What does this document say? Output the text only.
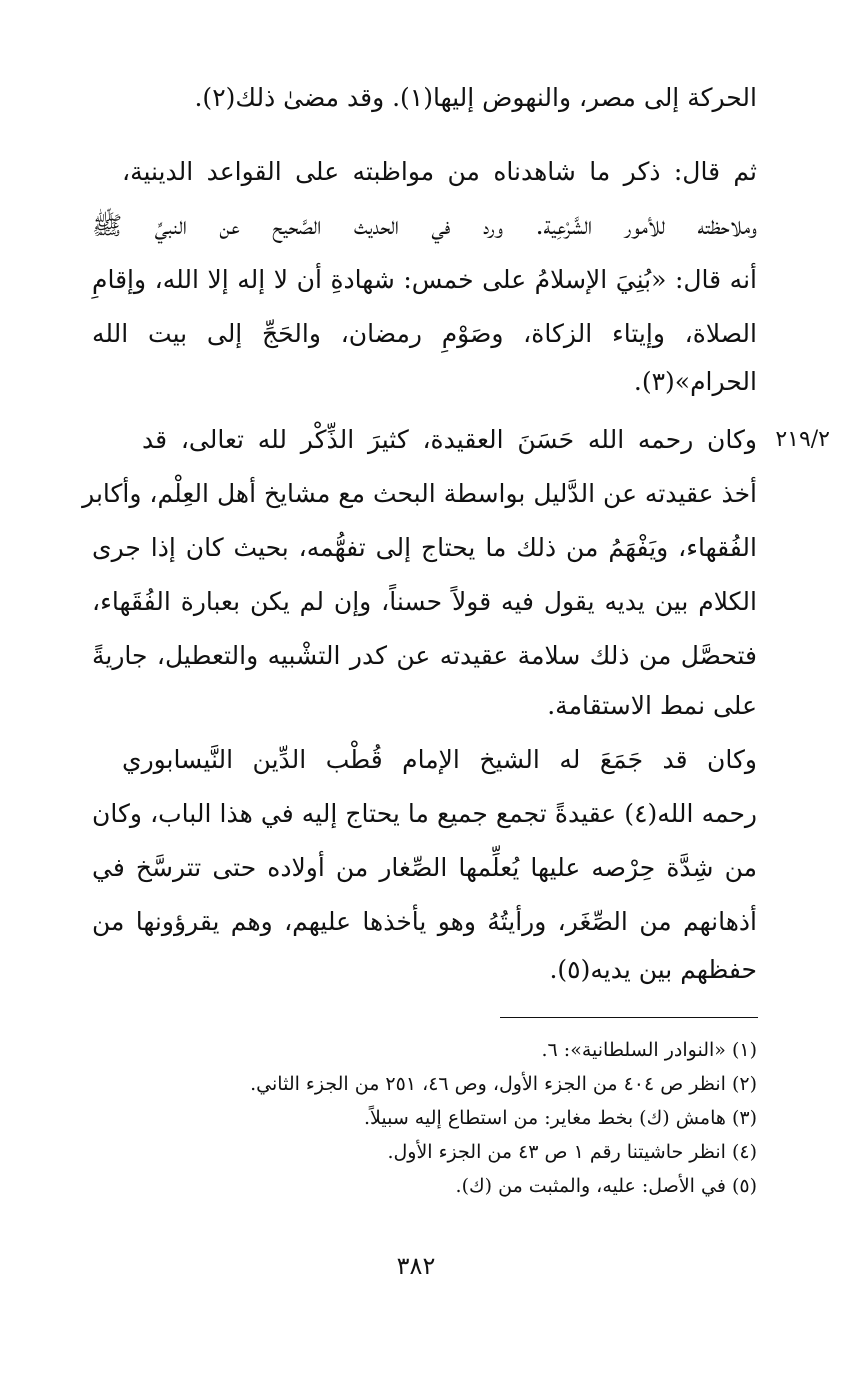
الحركة إلى مصر، والنهوض إليها(١). وقد مضىٰ ذلك(٢).
ثم قال: ذكر ما شاهدناه من مواظبته على القواعد الدينية،
وملاحظته للأمور الشَّرْعِية. ورد في الحديث الصَّحيح عن النبيِّ ﷺ
أنه قال: «بُنِيَ الإسلامُ على خمس: شهادةِ أن لا إله إلا الله، وإقامِ
الصلاة، وإيتاء الزكاة، وصَوْمِ رمضان، والحَجِّ إلى بيت الله
الحرام»(٣).
٢١٩/٢
وكان رحمه الله حَسَنَ العقيدة، كثيرَ الذِّكْر لله تعالى، قد
أخذ عقيدته عن الدَّليل بواسطة البحث مع مشايخ أهل العِلْم، وأكابر
الفُقهاء، ويَفْهَمُ من ذلك ما يحتاج إلى تفهُّمه، بحيث كان إذا جرى
الكلام بين يديه يقول فيه قولاً حسناً، وإن لم يكن بعبارة الفُقَهاء،
فتحصَّل من ذلك سلامة عقيدته عن كدر التشْبيه والتعطيل، جاريةً
على نمط الاستقامة.
وكان قد جَمَعَ له الشيخ الإمام قُطْب الدِّين النَّيسابوري
رحمه الله(٤) عقيدةً تجمع جميع ما يحتاج إليه في هذا الباب، وكان
من شِدَّة حِرْصه عليها يُعلِّمها الصِّغار من أولاده حتى تترسَّخ في
أذهانهم من الصِّغَر، ورأيتُهُ وهو يأخذها عليهم، وهم يقرؤونها من
حفظهم بين يديه(٥).
(١) «النوادر السلطانية»: ٦.
(٢) انظر ص ٤٠٤ من الجزء الأول، وص ٤٦، ٢٥١ من الجزء الثاني.
(٣) هامش (ك) بخط مغاير: من استطاع إليه سبيلاً.
(٤) انظر حاشيتنا رقم ١ ص ٤٣ من الجزء الأول.
(٥) في الأصل: عليه، والمثبت من (ك).
٣٨٢
